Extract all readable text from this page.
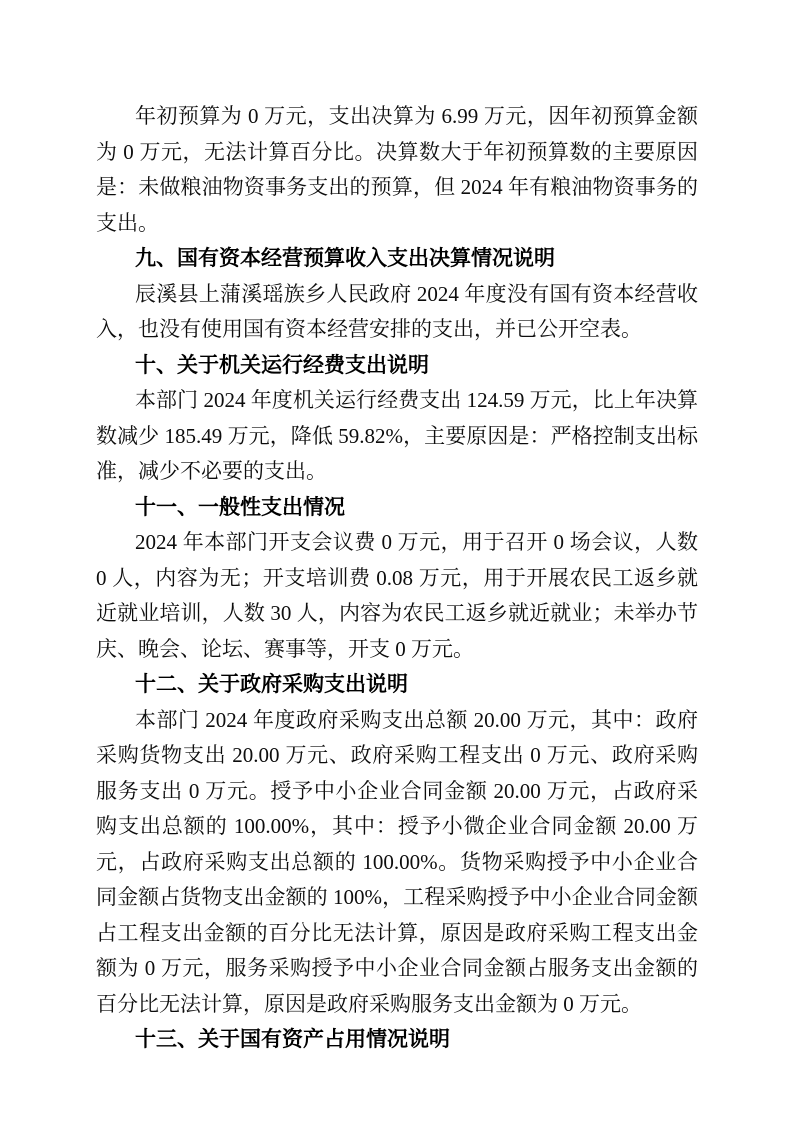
年初预算为 0 万元，支出决算为 6.99 万元，因年初预算金额为 0 万元，无法计算百分比。决算数大于年初预算数的主要原因是：未做粮油物资事务支出的预算，但 2024 年有粮油物资事务的支出。

九、国有资本经营预算收入支出决算情况说明

辰溪县上蒲溪瑶族乡人民政府 2024 年度没有国有资本经营收入，也没有使用国有资本经营安排的支出，并已公开空表。

十、关于机关运行经费支出说明

本部门 2024 年度机关运行经费支出 124.59 万元，比上年决算数减少 185.49 万元，降低 59.82%，主要原因是：严格控制支出标准，减少不必要的支出。

十一、一般性支出情况

2024 年本部门开支会议费 0 万元，用于召开 0 场会议，人数 0 人，内容为无；开支培训费 0.08 万元，用于开展农民工返乡就近就业培训，人数 30 人，内容为农民工返乡就近就业；未举办节庆、晚会、论坛、赛事等，开支 0 万元。

十二、关于政府采购支出说明

本部门 2024 年度政府采购支出总额 20.00 万元，其中：政府采购货物支出 20.00 万元、政府采购工程支出 0 万元、政府采购服务支出 0 万元。授予中小企业合同金额 20.00 万元，占政府采购支出总额的 100.00%，其中：授予小微企业合同金额 20.00 万元，占政府采购支出总额的 100.00%。货物采购授予中小企业合同金额占货物支出金额的 100%，工程采购授予中小企业合同金额占工程支出金额的百分比无法计算，原因是政府采购工程支出金额为 0 万元，服务采购授予中小企业合同金额占服务支出金额的百分比无法计算，原因是政府采购服务支出金额为 0 万元。

十三、关于国有资产占用情况说明
